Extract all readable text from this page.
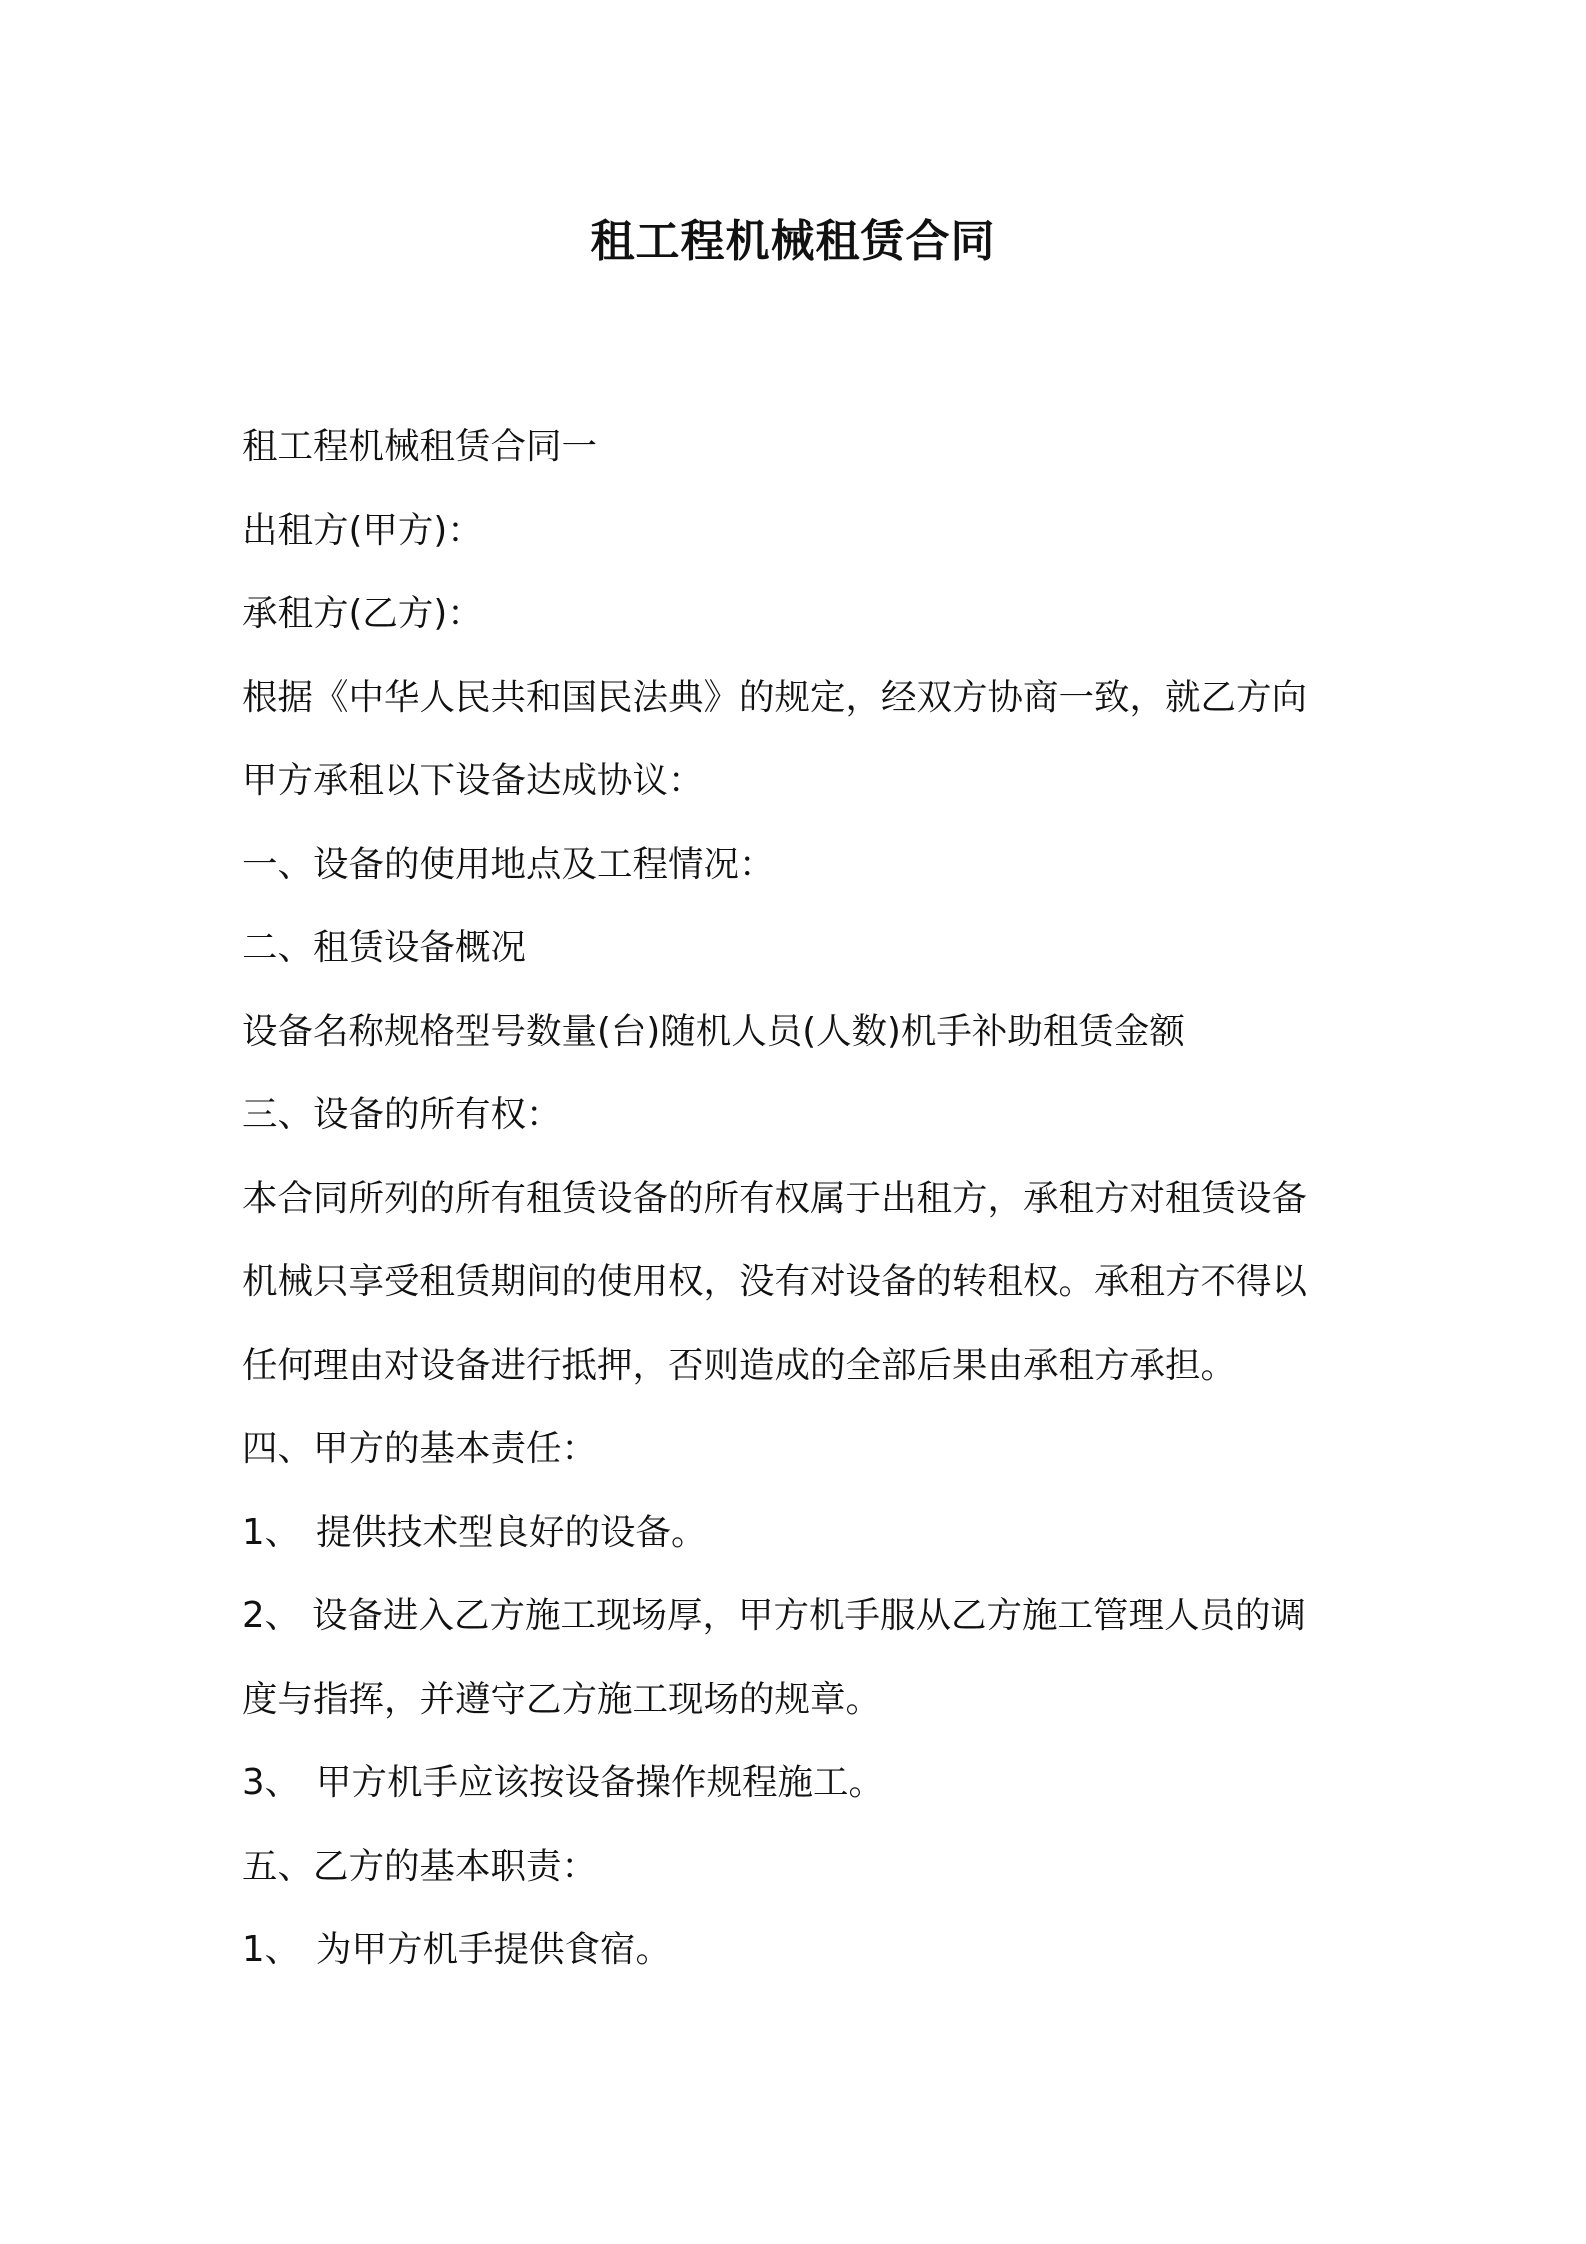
租工程机械租赁合同
租工程机械租赁合同一
出租方(甲方)：
承租方(乙方)：
根据《中华人民共和国民法典》的规定，经双方协商一致，就乙方向
甲方承租以下设备达成协议：
一、设备的使用地点及工程情况：
二、租赁设备概况
设备名称规格型号数量(台)随机人员(人数)机手补助租赁金额
三、设备的所有权：
本合同所列的所有租赁设备的所有权属于出租方，承租方对租赁设备
机械只享受租赁期间的使用权，没有对设备的转租权。承租方不得以
任何理由对设备进行抵押，否则造成的全部后果由承租方承担。
四、甲方的基本责任：
1、 提供技术型良好的设备。
2、 设备进入乙方施工现场厚，甲方机手服从乙方施工管理人员的调
度与指挥，并遵守乙方施工现场的规章。
3、 甲方机手应该按设备操作规程施工。
五、乙方的基本职责：
1、 为甲方机手提供食宿。
